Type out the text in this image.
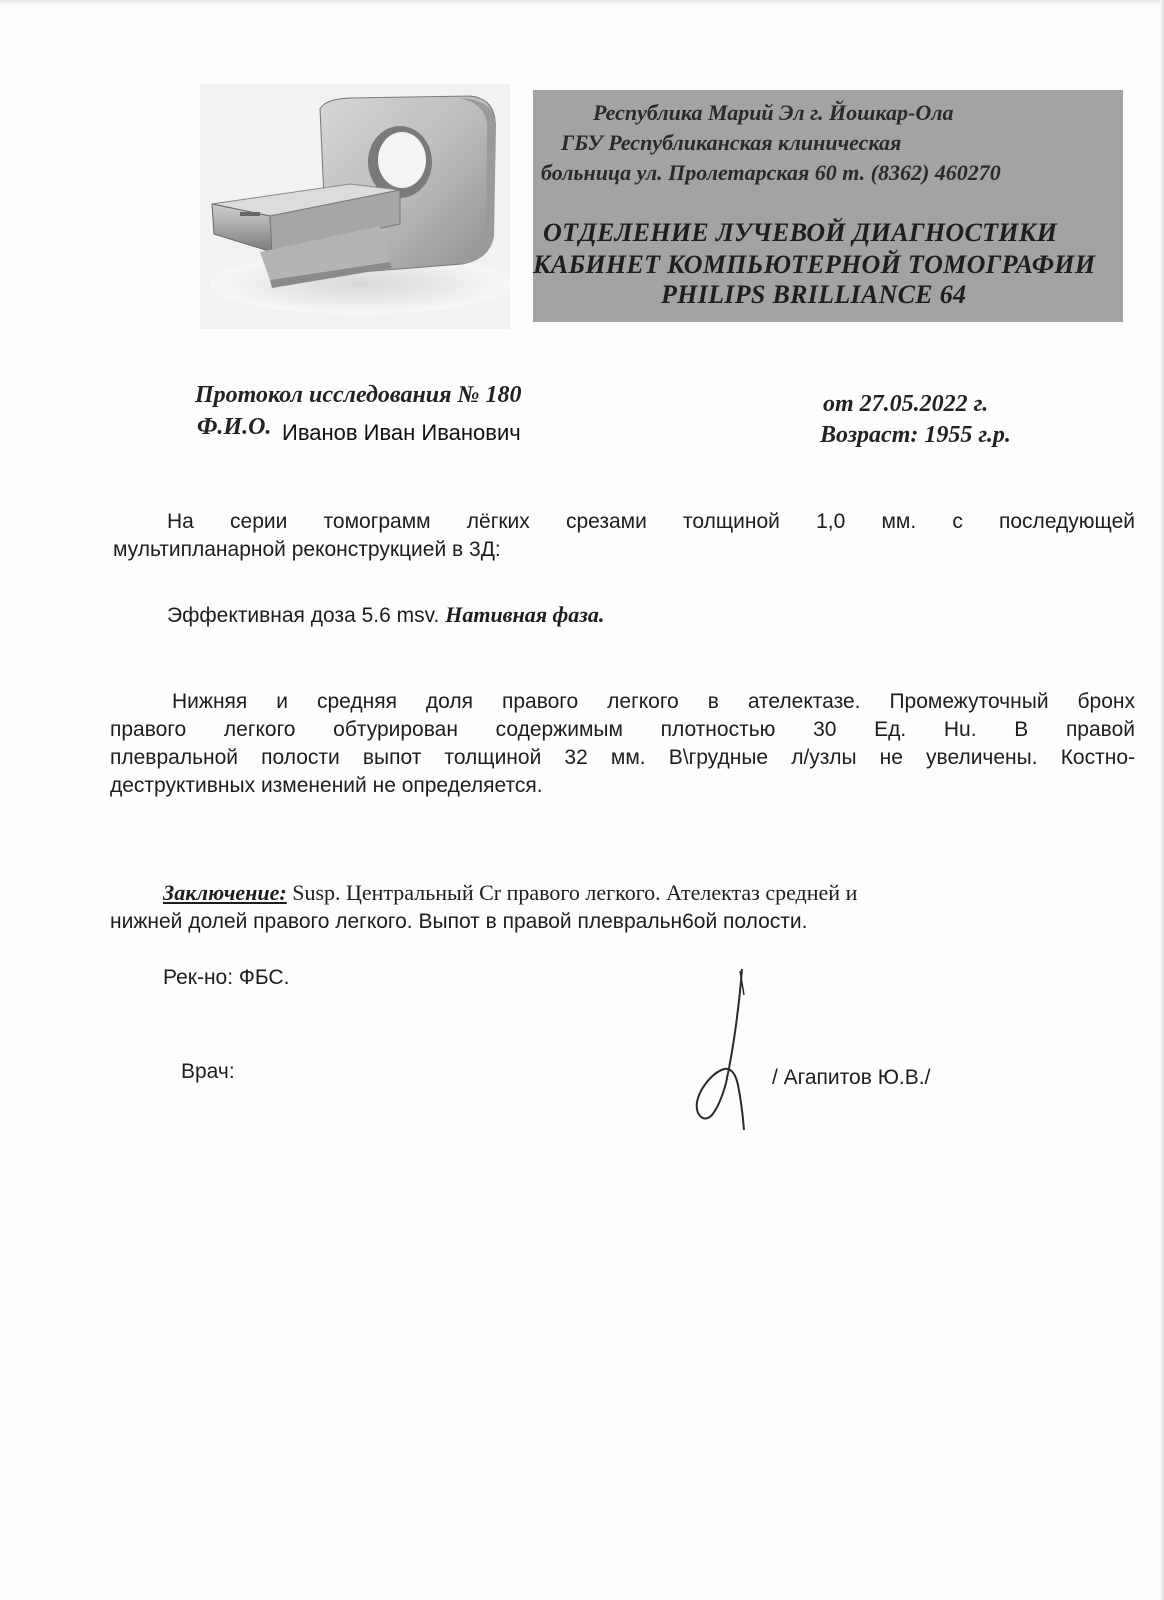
Республика Марий Эл г. Йошкар-Ола
ГБУ Республиканская клиническая
больница ул. Пролетарская 60 т. (8362) 460270
ОТДЕЛЕНИЕ ЛУЧЕВОЙ ДИАГНОСТИКИ
КАБИНЕТ КОМПЬЮТЕРНОЙ ТОМОГРАФИИ
PHILIPS BRILLIANCE 64
Протокол исследования № 180
Ф.И.О. Иванов Иван Иванович
от 27.05.2022 г.
Возраст: 1955 г.р.
На серии томограмм лёгких срезами толщиной 1,0 мм. с последующей
мультипланарной реконструкцией в 3Д:
Эффективная доза 5.6 msv. Нативная фаза.
Нижняя и средняя доля правого легкого в ателектазе. Промежуточный бронх
правого легкого обтурирован содержимым плотностью 30 Ед. Hu. В правой
плевральной полости выпот толщиной 32 мм. В\грудные л/узлы не увеличены. Костно-
деструктивных изменений не определяется.
Заключение: Susp. Центральный Cr правого легкого. Ателектаз средней и
нижней долей правого легкого. Выпот в правой плевральн6ой полости.
Рек-но: ФБС.
Врач:	/ Агапитов Ю.В./
